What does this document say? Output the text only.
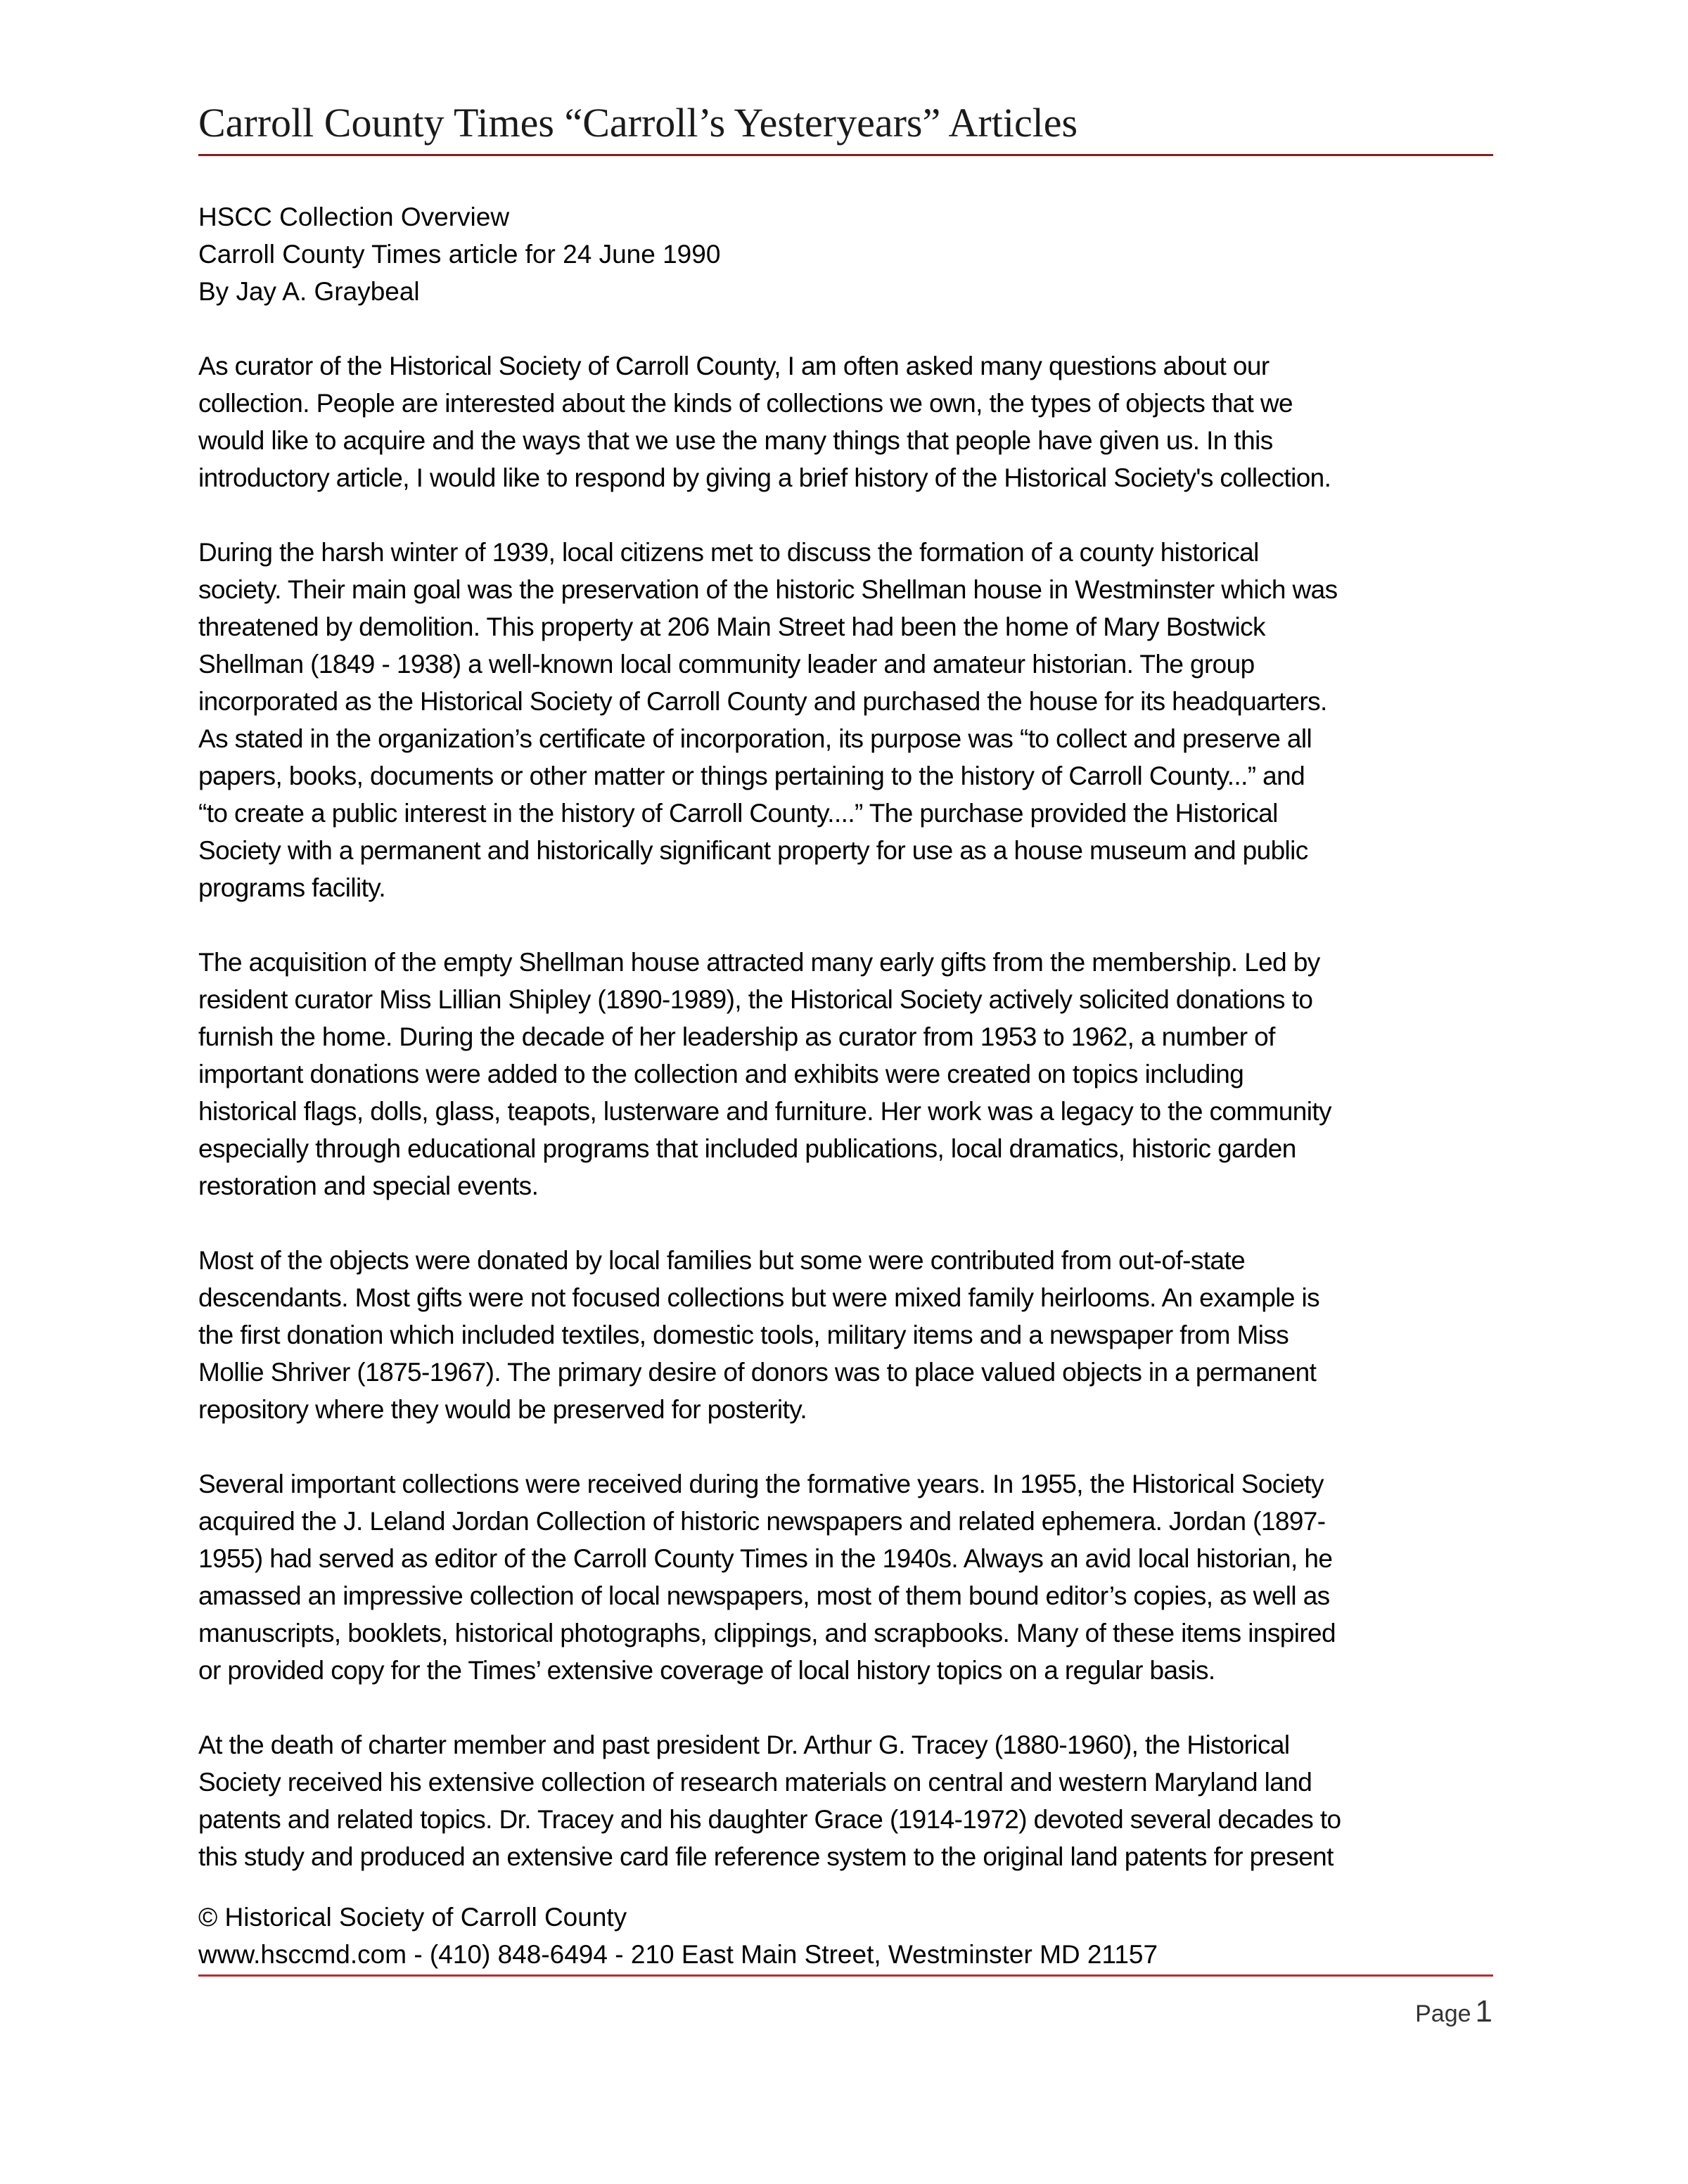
Carroll County Times “Carroll’s Yesteryears” Articles
HSCC Collection Overview
Carroll County Times article for 24 June 1990
By Jay A. Graybeal

As curator of the Historical Society of Carroll County, I am often asked many questions about our
collection. People are interested about the kinds of collections we own, the types of objects that we
would like to acquire and the ways that we use the many things that people have given us. In this
introductory article, I would like to respond by giving a brief history of the Historical Society's collection.

During the harsh winter of 1939, local citizens met to discuss the formation of a county historical
society. Their main goal was the preservation of the historic Shellman house in Westminster which was
threatened by demolition. This property at 206 Main Street had been the home of Mary Bostwick
Shellman (1849 - 1938) a well-known local community leader and amateur historian. The group
incorporated as the Historical Society of Carroll County and purchased the house for its headquarters.
As stated in the organization’s certificate of incorporation, its purpose was “to collect and preserve all
papers, books, documents or other matter or things pertaining to the history of Carroll County...” and
“to create a public interest in the history of Carroll County....” The purchase provided the Historical
Society with a permanent and historically significant property for use as a house museum and public
programs facility.

The acquisition of the empty Shellman house attracted many early gifts from the membership. Led by
resident curator Miss Lillian Shipley (1890-1989), the Historical Society actively solicited donations to
furnish the home. During the decade of her leadership as curator from 1953 to 1962, a number of
important donations were added to the collection and exhibits were created on topics including
historical flags, dolls, glass, teapots, lusterware and furniture. Her work was a legacy to the community
especially through educational programs that included publications, local dramatics, historic garden
restoration and special events.

Most of the objects were donated by local families but some were contributed from out-of-state
descendants. Most gifts were not focused collections but were mixed family heirlooms. An example is
the first donation which included textiles, domestic tools, military items and a newspaper from Miss
Mollie Shriver (1875-1967). The primary desire of donors was to place valued objects in a permanent
repository where they would be preserved for posterity.

Several important collections were received during the formative years. In 1955, the Historical Society
acquired the J. Leland Jordan Collection of historic newspapers and related ephemera. Jordan (1897-
1955) had served as editor of the Carroll County Times in the 1940s. Always an avid local historian, he
amassed an impressive collection of local newspapers, most of them bound editor’s copies, as well as
manuscripts, booklets, historical photographs, clippings, and scrapbooks. Many of these items inspired
or provided copy for the Times’ extensive coverage of local history topics on a regular basis.

At the death of charter member and past president Dr. Arthur G. Tracey (1880-1960), the Historical
Society received his extensive collection of research materials on central and western Maryland land
patents and related topics. Dr. Tracey and his daughter Grace (1914-1972) devoted several decades to
this study and produced an extensive card file reference system to the original land patents for present

© Historical Society of Carroll County
www.hsccmd.com - (410) 848-6494 - 210 East Main Street, Westminster MD 21157
Page 1
